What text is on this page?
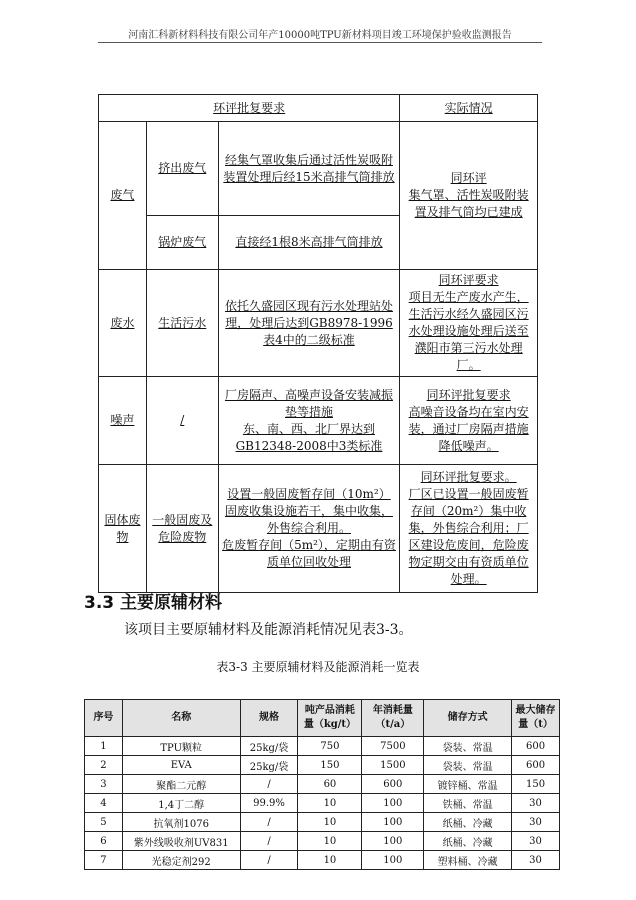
河南汇科新材料科技有限公司年产10000吨TPU新材料项目竣工环境保护验收监测报告
环评批复要求			实际情况
废气	挤出废气	经集气罩收集后通过活性炭吸附装置处理后经15米高排气筒排放	同环评
集气罩、活性炭吸附装置及排气筒均已建成
	锅炉废气	直接经1根8米高排气筒排放	
废水	生活污水	依托久盛园区现有污水处理站处理，处理后达到GB8978-1996表4中的二级标准	同环评要求
项目无生产废水产生，生活污水经久盛园区污水处理设施处理后送至濮阳市第三污水处理厂。
噪声	/	厂房隔声、高噪声设备安装减振垫等措施
东、南、西、北厂界达到GB12348-2008中3类标准	同环评批复要求
高噪音设备均在室内安装，通过厂房隔声措施降低噪声。
固体废物	一般固废及危险废物	设置一般固废暂存间（10m²）固废收集设施若干，集中收集，外售综合利用。
危废暂存间（5m²），定期由有资质单位回收处理	同环评批复要求。
厂区已设置一般固废暂存间（20m²）集中收集，外售综合利用；厂区建设危废间，危险废物定期交由有资质单位处理。
3.3 主要原辅材料
该项目主要原辅材料及能源消耗情况见表3-3。
表3-3 主要原辅材料及能源消耗一览表
序号	名称	规格	吨产品消耗量（kg/t）	年消耗量（t/a）	储存方式	最大储存量（t）
1	TPU颗粒	25kg/袋	750	7500	袋装、常温	600
2	EVA	25kg/袋	150	1500	袋装、常温	600
3	聚酯二元醇	/	60	600	镀锌桶、常温	150
4	1,4丁二醇	99.9%	10	100	铁桶、常温	30
5	抗氧剂1076	/	10	100	纸桶、冷藏	30
6	紫外线吸收剂UV831	/	10	100	纸桶、冷藏	30
7	光稳定剂292	/	10	100	塑料桶、冷藏	30
